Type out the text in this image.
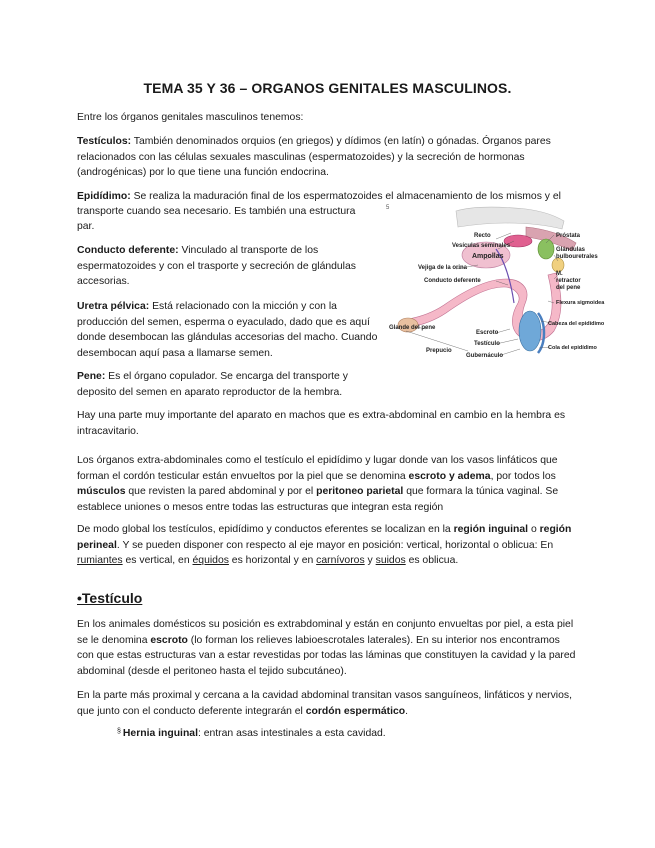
TEMA 35 Y 36 – ORGANOS GENITALES MASCULINOS.

Entre los órganos genitales masculinos tenemos:

Testículos: También denominados orquios (en griegos) y dídimos (en latín) o gónadas. Órganos pares relacionados con las células sexuales masculinas (espermatozoides) y la secreción de hormonas (androgénicas) por lo que tiene una función endocrina.

Epidídimo: Se realiza la maduración final de los espermatozoides el almacenamiento de los mismos y el

transporte cuando sea necesario. Es también una estructura

par.

Conducto deferente: Vinculado al transporte de los espermatozoides y con el trasporte y secreción de glándulas accesorias.

Uretra pélvica: Está relacionado con la micción y con la producción del semen, esperma o eyaculado, dado que es aquí donde desembocan las glándulas accesorias del macho. Cuando desembocan aquí pasa a llamarse semen.

Pene: Es el órgano copulador. Se encarga del transporte y deposito del semen en aparato reproductor de la hembra.

Hay una parte muy importante del aparato en machos que es extra-abdominal en cambio en la hembra es intracavitario.

Los órganos extra-abdominales como el testículo el epidídimo y lugar donde van los vasos linfáticos que forman el cordón testicular están envueltos por la piel que se denomina escroto y adema, por todos los músculos que revisten la pared abdominal y por el peritoneo parietal que formara la túnica vaginal. Se establece uniones o mesos entre todas las estructuras que integran esta región

De modo global los testículos, epidídimo y conductos eferentes se localizan en la región inguinal o región perineal. Y se pueden disponer con respecto al eje mayor en posición: vertical, horizontal o oblicua: En rumiantes es vertical, en équidos es horizontal y en carnívoros y suidos es oblicua.

•Testículo

En los animales domésticos su posición es extrabdominal y están en conjunto envueltas por piel, a esta piel se le denomina escroto (lo forman los relieves labioescrotales laterales). En su interior nos encontramos con que estas estructuras van a estar revestidas por todas las láminas que constituyen la cavidad y la pared abdominal (desde el peritoneo hasta el tejido subcutáneo).

En la parte más proximal y cercana a la cavidad abdominal transitan vasos sanguíneos, linfáticos y nervios, que junto con el conducto deferente integrarán el cordón espermático.

§ Hernia inguinal: entran asas intestinales a esta cavidad.
5
Recto
Vesículas seminales
Ampollas
Vejiga de la orina
Conducto deferente
Glande del pene
Escroto
Testículo
Prepucio
Gubernáculo
Próstata
Glándulas bulbouretrales
M. retractor del pene
Flexura sigmoidea
Cabeza del epidídimo
Cola del epidídimo
